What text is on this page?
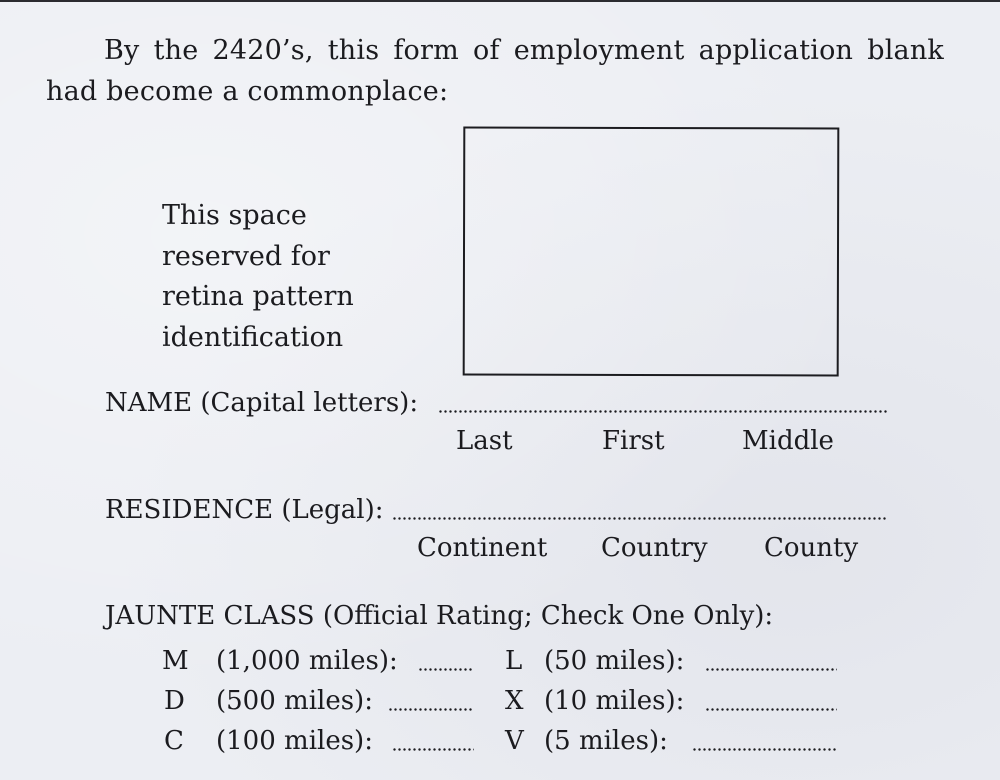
By the 2420’s, this form of employment application blank had become a commonplace:
This space
reserved for
retina pattern
identification
NAME (Capital letters):
Last	First	Middle
RESIDENCE (Legal):
Continent Country County
JAUNTE CLASS (Official Rating; Check One Only):
M (1,000 miles):
D (500 miles):
C (100 miles):
L (50 miles):
X (10 miles):
V (5 miles):
